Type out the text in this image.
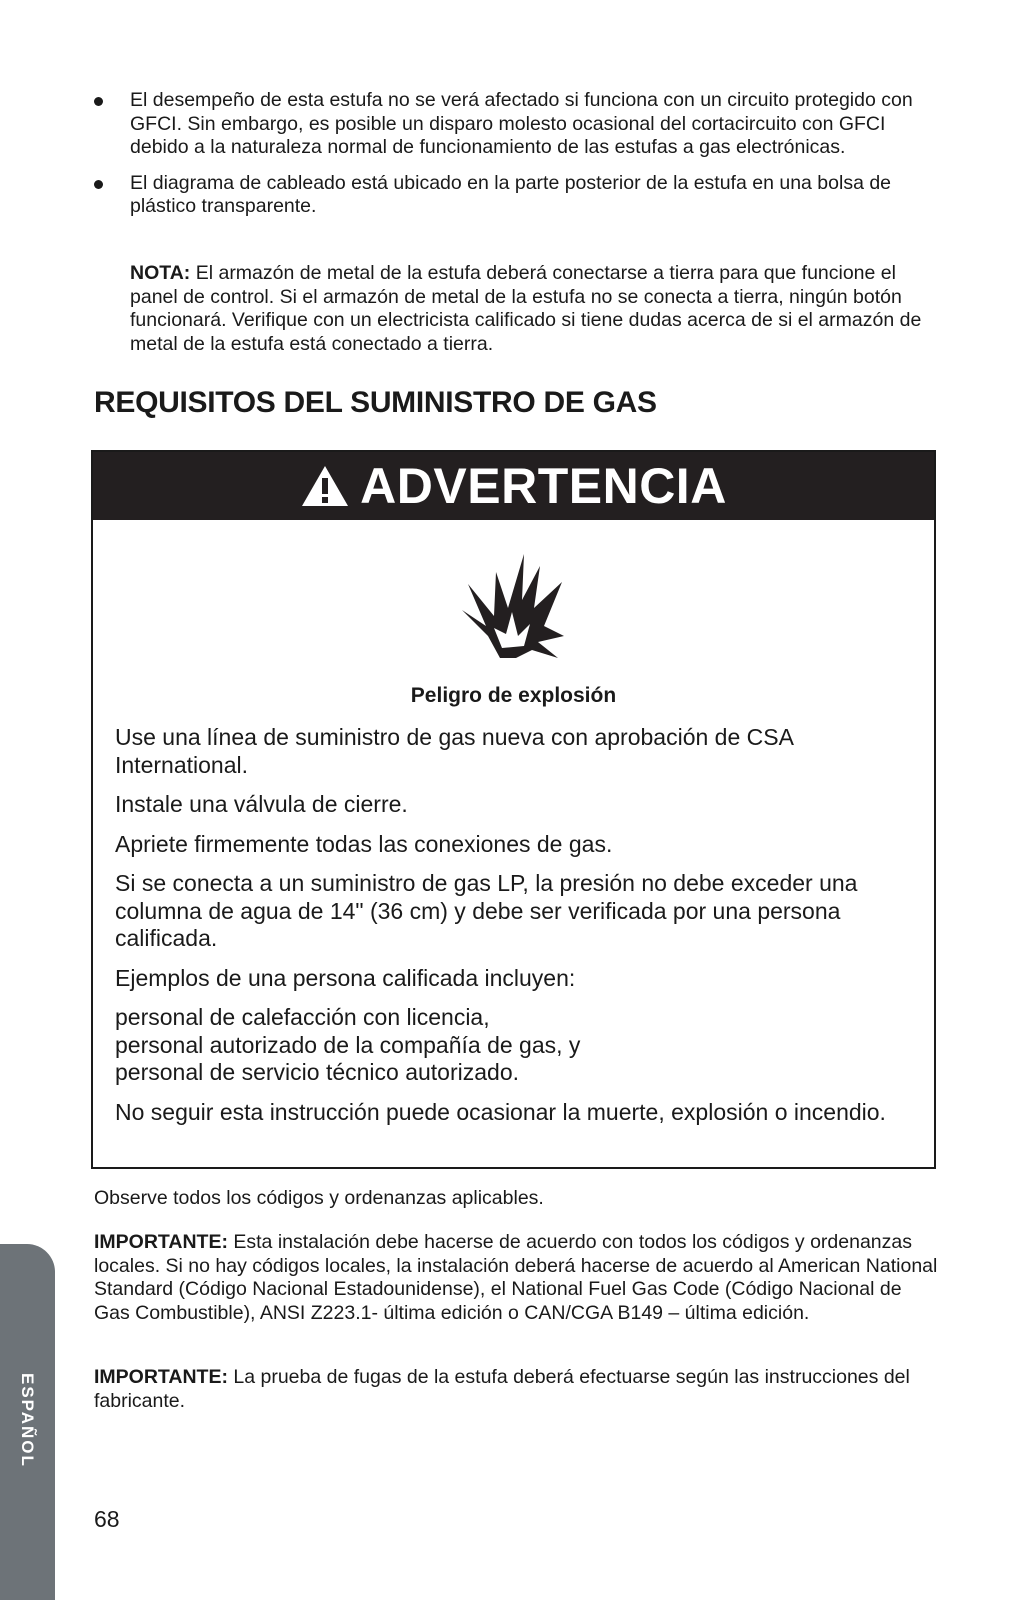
El desempeño de esta estufa no se verá afectado si funciona con un circuito protegido con GFCI. Sin embargo, es posible un disparo molesto ocasional del cortacircuito con GFCI debido a la naturaleza normal de funcionamiento de las estufas a gas electrónicas.
El diagrama de cableado está ubicado en la parte posterior de la estufa en una bolsa de plástico transparente.

NOTA: El armazón de metal de la estufa deberá conectarse a tierra para que funcione el panel de control. Si el armazón de metal de la estufa no se conecta a tierra, ningún botón funcionará. Verifique con un electricista calificado si tiene dudas acerca de si el armazón de metal de la estufa está conectado a tierra.

REQUISITOS DEL SUMINISTRO DE GAS
ADVERTENCIA
Peligro de explosión

Use una línea de suministro de gas nueva con aprobación de CSA International.

Instale una válvula de cierre.

Apriete firmemente todas las conexiones de gas.

Si se conecta a un suministro de gas LP, la presión no debe exceder una columna de agua de 14" (36 cm) y debe ser verificada por una persona calificada.

Ejemplos de una persona calificada incluyen:

personal de calefacción con licencia,
personal autorizado de la compañía de gas, y
personal de servicio técnico autorizado.

No seguir esta instrucción puede ocasionar la muerte, explosión o incendio.

Observe todos los códigos y ordenanzas aplicables.

IMPORTANTE: Esta instalación debe hacerse de acuerdo con todos los códigos y ordenanzas locales. Si no hay códigos locales, la instalación deberá hacerse de acuerdo al American National Standard (Código Nacional Estadounidense), el National Fuel Gas Code (Código Nacional de Gas Combustible), ANSI Z223.1- última edición o CAN/CGA B149 – última edición.

IMPORTANTE: La prueba de fugas de la estufa deberá efectuarse según las instrucciones del fabricante.

ESPAÑOL

68
